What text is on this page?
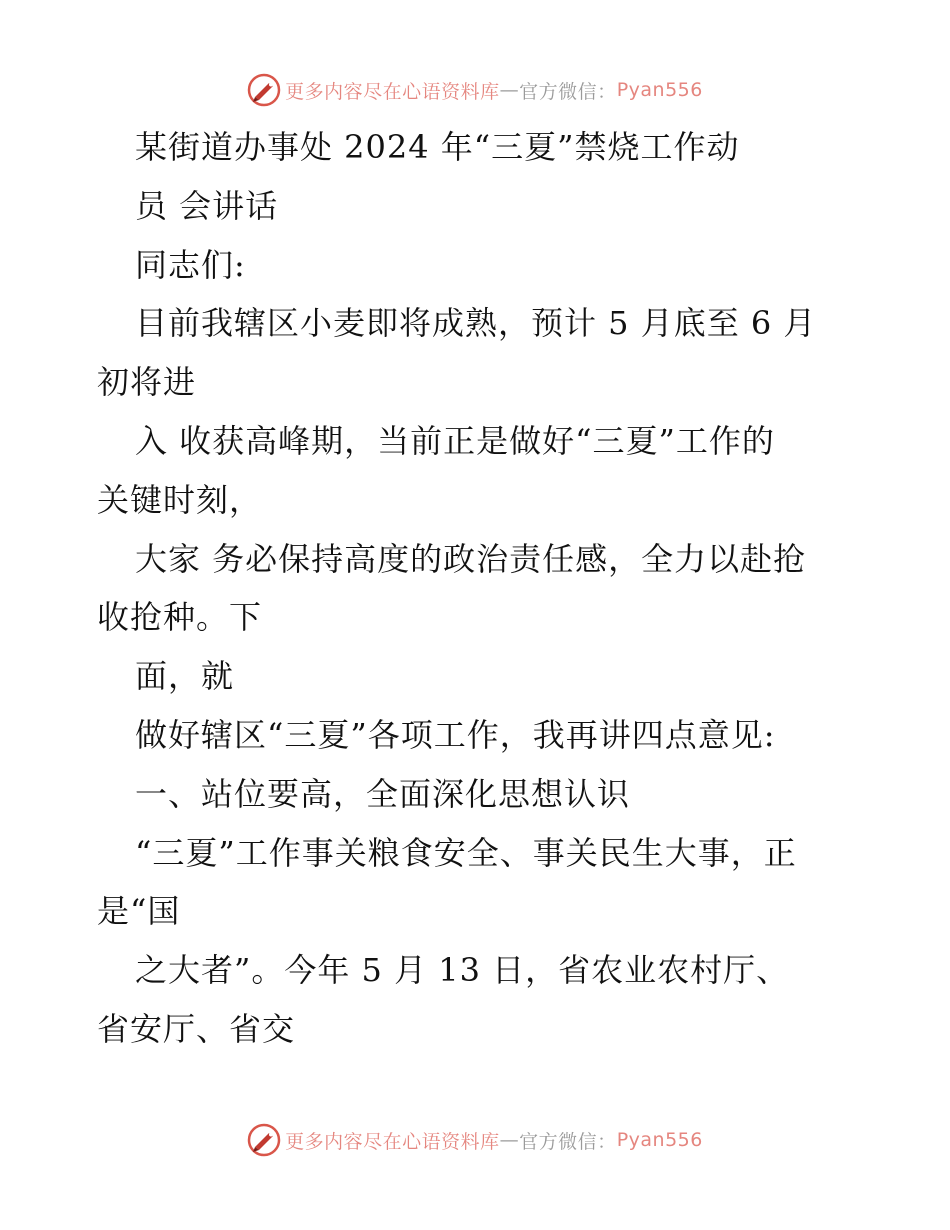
更多内容尽在心语资料库 — 官方微信： Pyan556
某街道办事处 2024 年“三夏”禁烧工作动
员 会讲话
同志们:
目前我辖区小麦即将成熟，预计 5 月底至 6 月
初将进
入 收获高峰期，当前正是做好“三夏”工作的
关键时刻，
大家 务必保持高度的政治责任感，全力以赴抢
收抢种。下
面，就
做好辖区“三夏”各项工作，我再讲四点意见:
一、站位要高，全面深化思想认识
“三夏”工作事关粮食安全、事关民生大事，正
是“国
之大者”。今年 5 月 13 日，省农业农村厅、
省安厅、省交
更多内容尽在心语资料库 — 官方微信： Pyan556
